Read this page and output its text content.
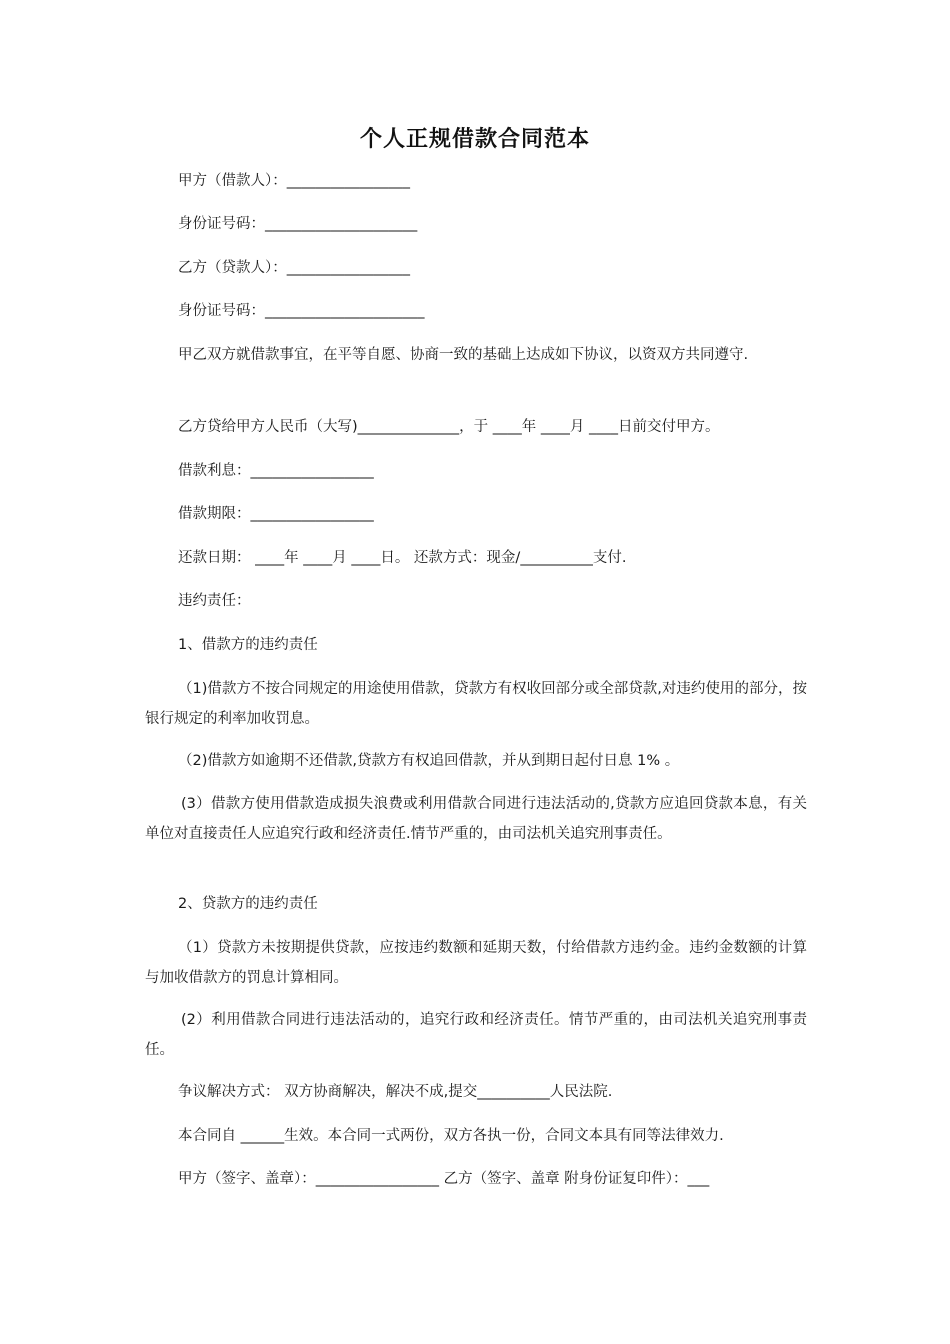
个人正规借款合同范本
甲方（借款人）：_________________
身份证号码：_____________________
乙方（贷款人）：_________________
身份证号码：______________________
甲乙双方就借款事宜，在平等自愿、协商一致的基础上达成如下协议，以资双方共同遵守.
乙方贷给甲方人民币（大写)______________，于 ____年 ____月 ____日前交付甲方。
借款利息：_________________
借款期限：_________________
还款日期： ____年 ____月 ____日。 还款方式：现金/__________支付.
违约责任：
1、借款方的违约责任
（1)借款方不按合同规定的用途使用借款，贷款方有权收回部分或全部贷款,对违约使用的部分，按银行规定的利率加收罚息。
（2)借款方如逾期不还借款,贷款方有权追回借款，并从到期日起付日息 1% 。
(3）借款方使用借款造成损失浪费或利用借款合同进行违法活动的,贷款方应追回贷款本息，有关单位对直接责任人应追究行政和经济责任.情节严重的，由司法机关追究刑事责任。
2、贷款方的违约责任
（1）贷款方未按期提供贷款，应按违约数额和延期天数，付给借款方违约金。违约金数额的计算与加收借款方的罚息计算相同。
(2）利用借款合同进行违法活动的，追究行政和经济责任。情节严重的，由司法机关追究刑事责任。
争议解决方式： 双方协商解决，解决不成,提交__________人民法院.
本合同自 ______生效。本合同一式两份，双方各执一份，合同文本具有同等法律效力.
甲方（签字、盖章）：_________________ 乙方（签字、盖章 附身份证复印件）：___
